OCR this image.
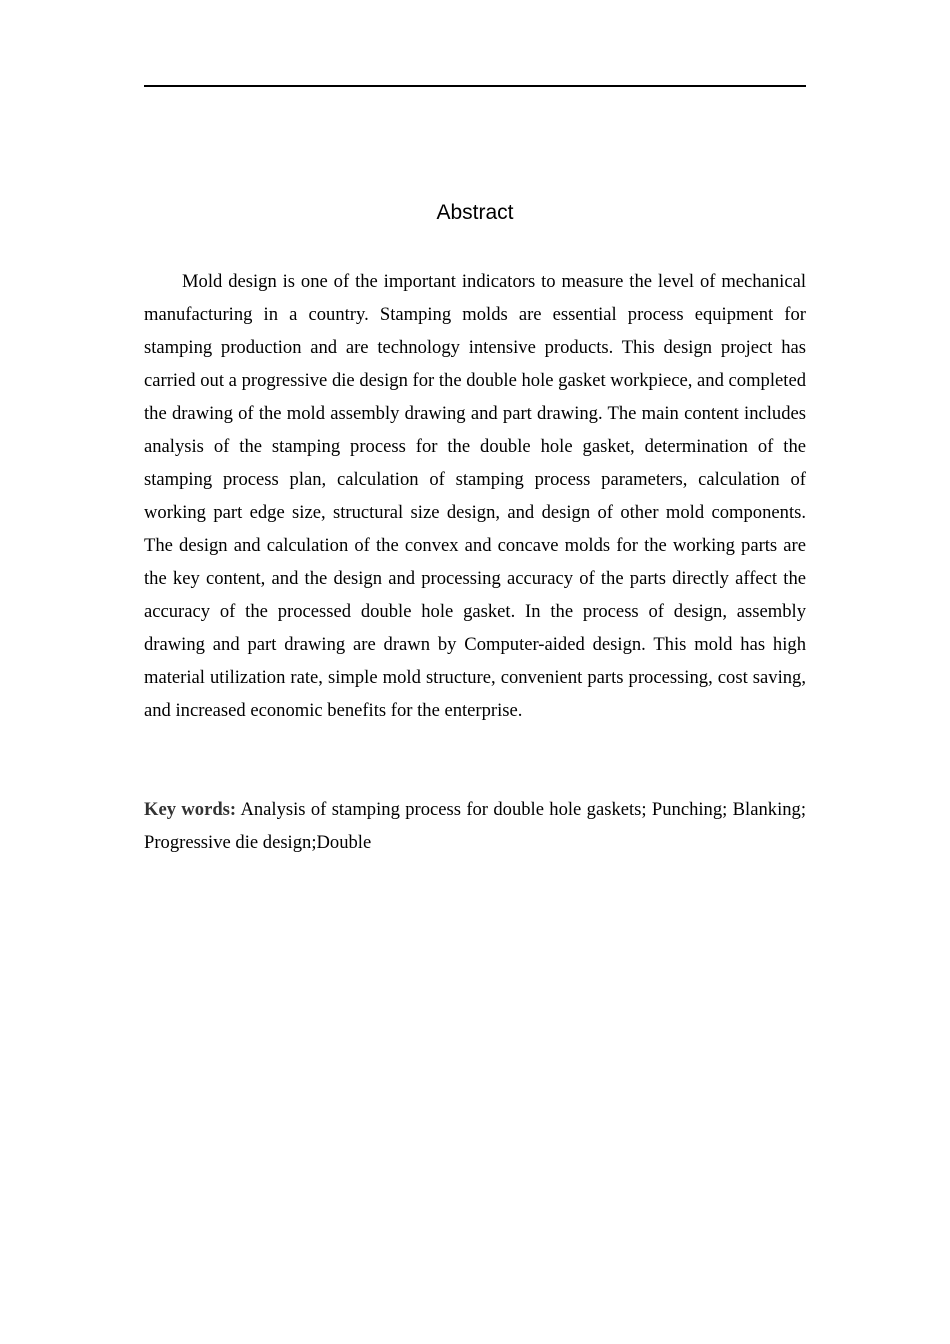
Abstract

Mold design is one of the important indicators to measure the level of mechanical manufacturing in a country. Stamping molds are essential process equipment for stamping production and are technology intensive products. This design project has carried out a progressive die design for the double hole gasket workpiece, and completed the drawing of the mold assembly drawing and part drawing. The main content includes analysis of the stamping process for the double hole gasket, determination of the stamping process plan, calculation of stamping process parameters, calculation of working part edge size, structural size design, and design of other mold components. The design and calculation of the convex and concave molds for the working parts are the key content, and the design and processing accuracy of the parts directly affect the accuracy of the processed double hole gasket. In the process of design, assembly drawing and part drawing are drawn by Computer-aided design. This mold has high material utilization rate, simple mold structure, convenient parts processing, cost saving, and increased economic benefits for the enterprise.

Key words: Analysis of stamping process for double hole gaskets; Punching; Blanking; Progressive die design;Double
